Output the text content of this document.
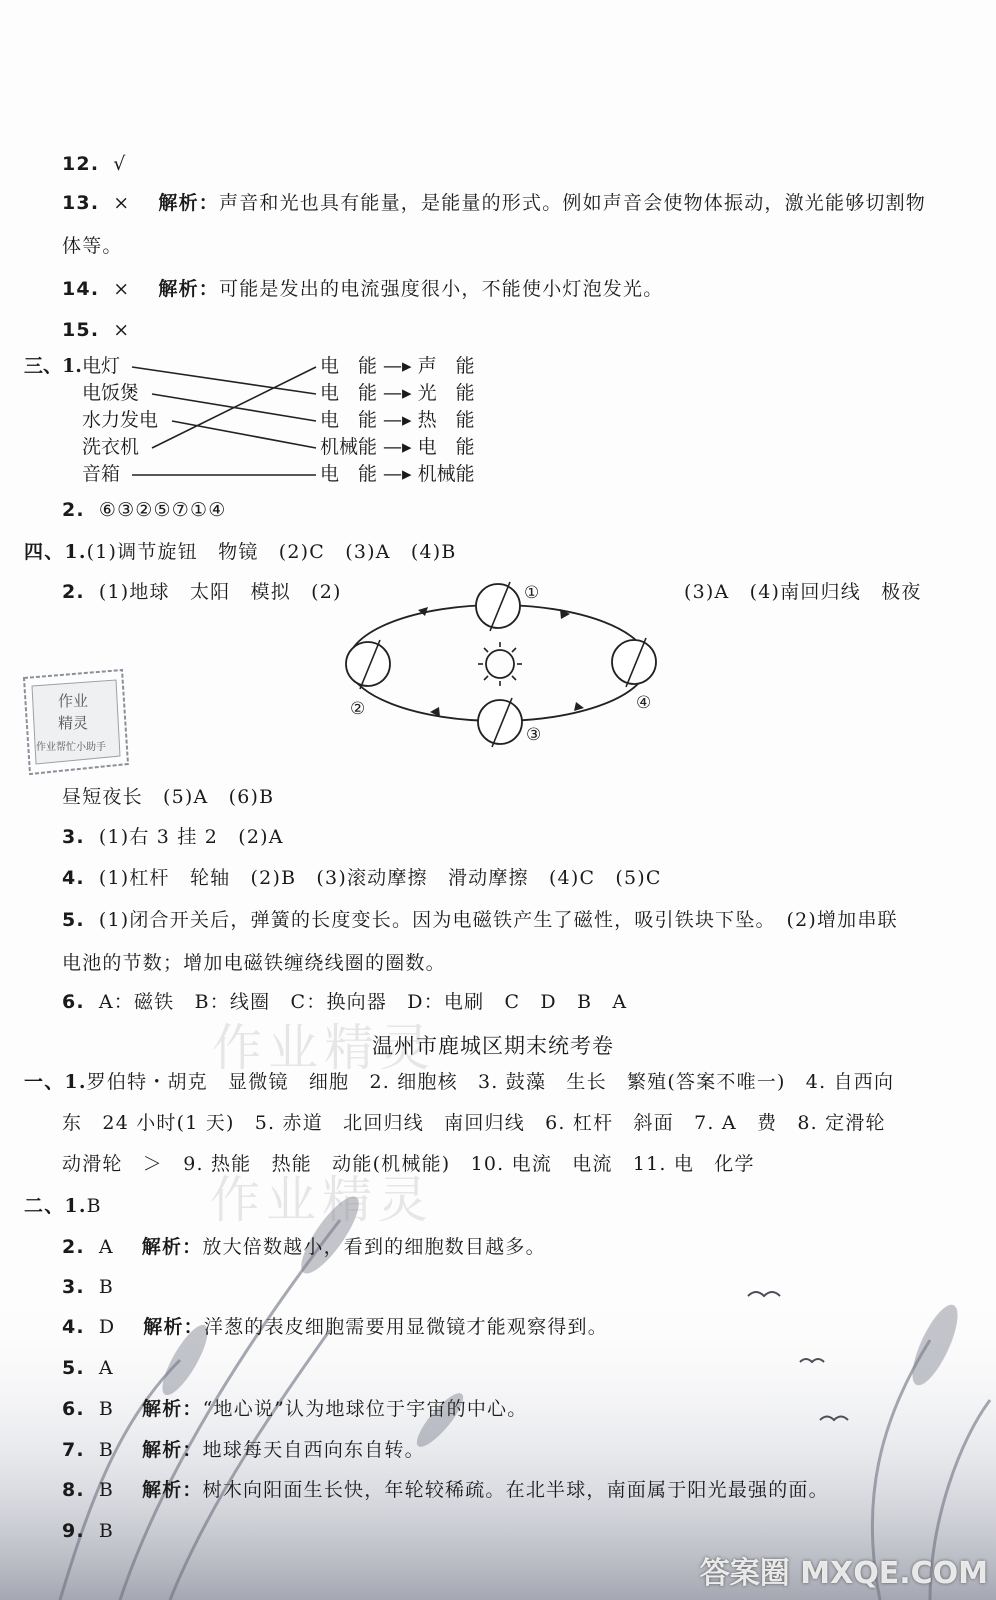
作业
精灵
作业帮忙小助手
作业精灵
作业精灵
12. √
13. × 解析：声音和光也具有能量，是能量的形式。例如声音会使物体振动，激光能够切割物
体等。
14. × 解析：可能是发出的电流强度很小，不能使小灯泡发光。
15. ×
三、1. 电灯
电饭煲
水力发电
洗衣机
音箱
电　能 —▸ 声　能
电　能 —▸ 光　能
电　能 —▸ 热　能
机械能 —▸ 电　能
电　能 —▸ 机械能
2. ⑥③②⑤⑦①④
四、1.(1)调节旋钮　物镜　(2)C　(3)A　(4)B
2. (1)地球　太阳　模拟　(2)	(3)A　(4)南回归线　极夜
①
②
③
④
昼短夜长　(5)A　(6)B
3. (1)右 3 挂 2　(2)A
4. (1)杠杆　轮轴　(2)B　(3)滚动摩擦　滑动摩擦　(4)C　(5)C
5. (1)闭合开关后，弹簧的长度变长。因为电磁铁产生了磁性，吸引铁块下坠。　(2)增加串联
电池的节数；增加电磁铁缠绕线圈的圈数。
6. A：磁铁　B：线圈　C：换向器　D：电刷　C　D　B　A
温州市鹿城区期末统考卷
一、1.罗伯特・胡克　显微镜　细胞　2. 细胞核　3. 鼓藻　生长　繁殖(答案不唯一)　4. 自西向
东　24 小时(1 天)　5. 赤道　北回归线　南回归线　6. 杠杆　斜面　7. A　费　8. 定滑轮
动滑轮　＞　9. 热能　热能　动能(机械能)　10. 电流　电流　11. 电　化学
二、1.B
2. A 解析：放大倍数越小，看到的细胞数目越多。
3. B
4. D 解析：洋葱的表皮细胞需要用显微镜才能观察得到。
5. A
6. B 解析：“地心说”认为地球位于宇宙的中心。
7. B 解析：地球每天自西向东自转。
8. B 解析：树木向阳面生长快，年轮较稀疏。在北半球，南面属于阳光最强的面。
9. B
答案圈 MXQE.COM
